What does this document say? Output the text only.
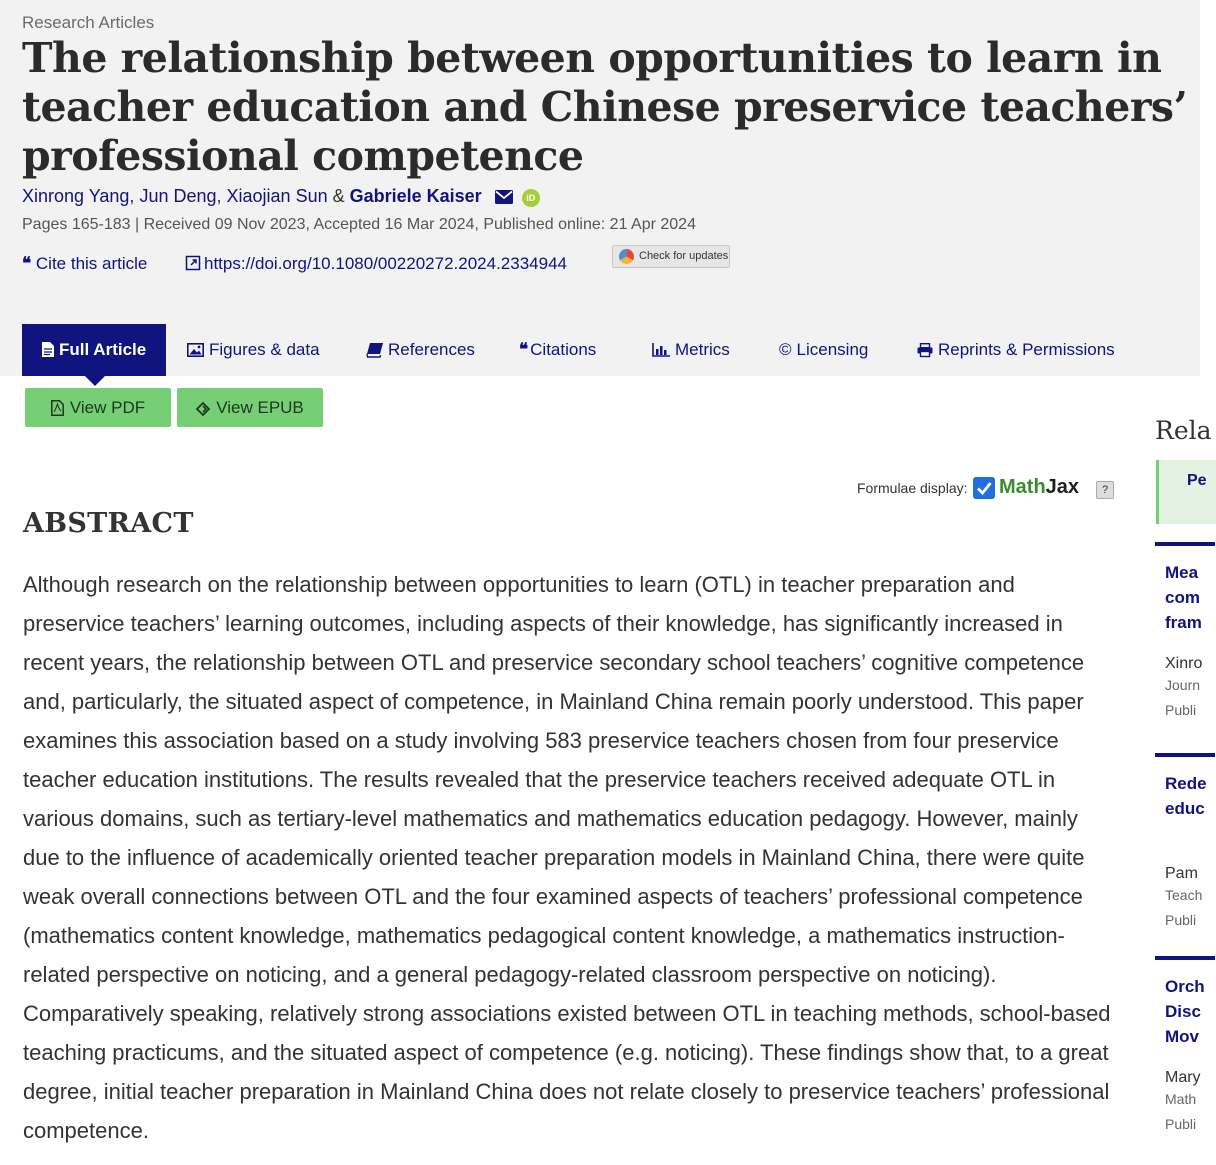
Research Articles
The relationship between opportunities to learn in teacher education and Chinese preservice teachers’ professional competence
Xinrong Yang, Jun Deng, Xiaojian Sun & Gabriele Kaiser	iD
Pages 165-183 | Received 09 Nov 2023, Accepted 16 Mar 2024, Published online: 21 Apr 2024
❝ Cite this article	https://doi.org/10.1080/00220272.2024.2334944	Check for updates
Full Article	Figures & data	References	❝ Citations	Metrics	© Licensing	Reprints & Permissions
View PDF	View EPUB
Formulae display: MathJax	?
ABSTRACT

Although research on the relationship between opportunities to learn (OTL) in teacher preparation and preservice teachers’ learning outcomes, including aspects of their knowledge, has significantly increased in recent years, the relationship between OTL and preservice secondary school teachers’ cognitive competence and, particularly, the situated aspect of competence, in Mainland China remain poorly understood. This paper examines this association based on a study involving 583 preservice teachers chosen from four preservice teacher education institutions. The results revealed that the preservice teachers received adequate OTL in various domains, such as tertiary-level mathematics and mathematics education pedagogy. However, mainly due to the influence of academically oriented teacher preparation models in Mainland China, there were quite weak overall connections between OTL and the four examined aspects of teachers’ professional competence (mathematics content knowledge, mathematics pedagogical content knowledge, a mathematics instruction-related perspective on noticing, and a general pedagogy-related classroom perspective on noticing). Comparatively speaking, relatively strong associations existed between OTL in teaching methods, school-based teaching practicums, and the situated aspect of competence (e.g. noticing). These findings show that, to a great degree, initial teacher preparation in Mainland China does not relate closely to preservice teachers’ professional competence.

Rela
Pe
Mea
com
fram
Xinro
Journ
Publi
Rede
educ
Pam
Teach
Publi
Orch
Disc
Mov
Mary
Math
Publi
